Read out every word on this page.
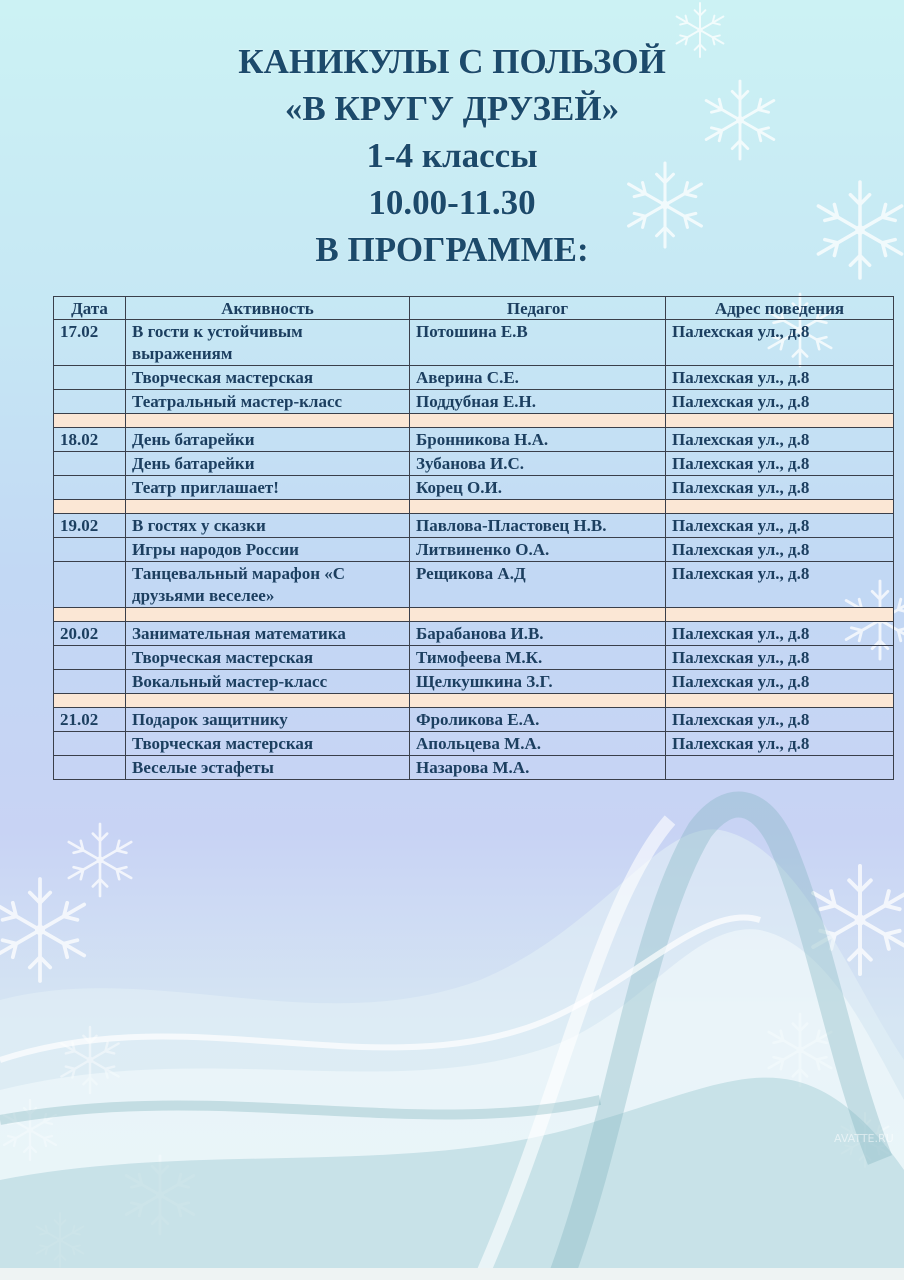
КАНИКУЛЫ С ПОЛЬЗОЙ
«В КРУГУ ДРУЗЕЙ»
1-4 классы
10.00-11.30
В ПРОГРАММЕ:
Дата	Активность	Педагог	Адрес поведения
17.02	В гости к устойчивым выражениям	Потошина Е.В	Палехская ул., д.8
	Творческая мастерская	Аверина С.Е.	Палехская ул., д.8
	Театральный мастер-класс	Поддубная Е.Н.	Палехская ул., д.8

18.02	День батарейки	Бронникова Н.А.	Палехская ул., д.8
	День батарейки	Зубанова И.С.	Палехская ул., д.8
	Театр приглашает!	Корец О.И.	Палехская ул., д.8

19.02	В гостях у сказки	Павлова-Пластовец Н.В.	Палехская ул., д.8
	Игры народов России	Литвиненко О.А.	Палехская ул., д.8
	Танцевальный марафон «С друзьями веселее»	Рещикова А.Д	Палехская ул., д.8

20.02	Занимательная математика	Барабанова И.В.	Палехская ул., д.8
	Творческая мастерская	Тимофеева М.К.	Палехская ул., д.8
	Вокальный мастер-класс	Щелкушкина З.Г.	Палехская ул., д.8

21.02	Подарок защитнику	Фроликова Е.А.	Палехская ул., д.8
	Творческая мастерская	Апольцева М.А.	Палехская ул., д.8
	Веселые эстафеты	Назарова М.А.	
AVATTE.RU
